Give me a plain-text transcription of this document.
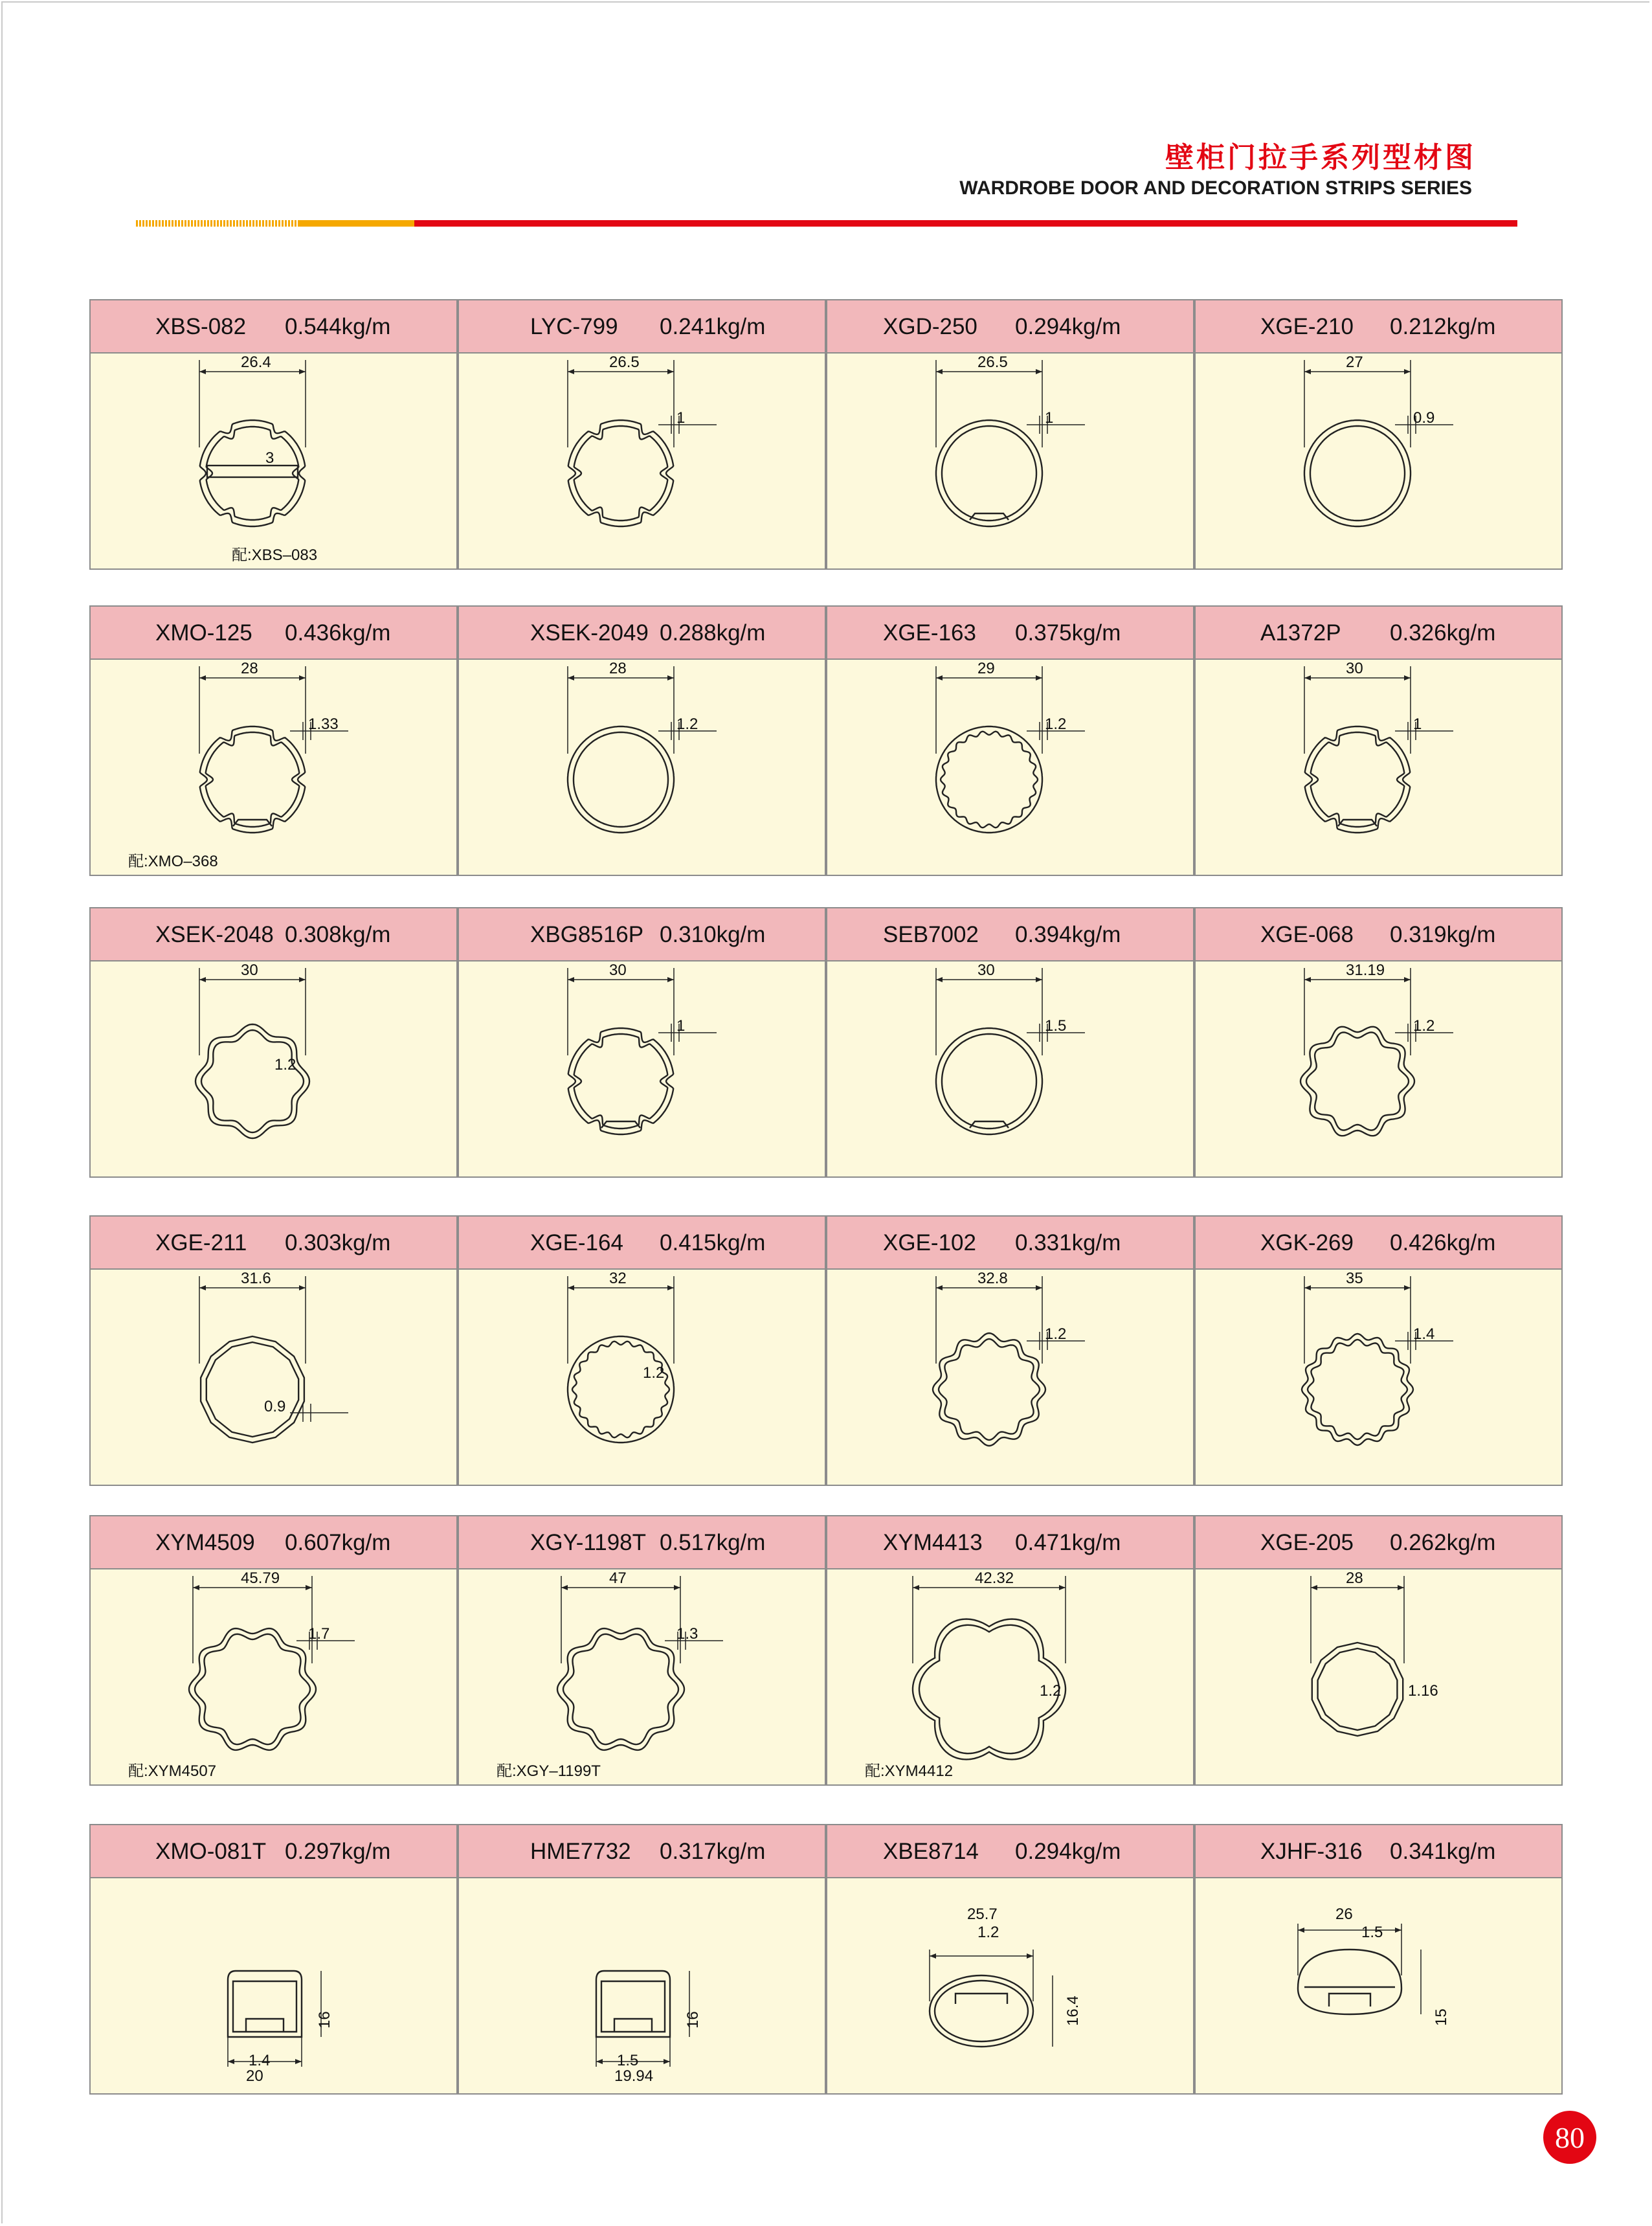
壁柜门拉手系列型材图
WARDROBE DOOR AND DECORATION STRIPS SERIES
XBS-082 0.544kg/m
26.4
3
配:XBS–083
LYC-799 0.241kg/m
26.5
1
XGD-250 0.294kg/m
26.5
1
XGE-210 0.212kg/m
27
0.9
XMO-125 0.436kg/m
28
1.33
配:XMO–368
XSEK-2049 0.288kg/m
28
1.2
XGE-163 0.375kg/m
29
1.2
A1372P 0.326kg/m
30
1
XSEK-2048 0.308kg/m
30
1.2
XBG8516P 0.310kg/m
30
1
SEB7002 0.394kg/m
30
1.5
XGE-068 0.319kg/m
31.19
1.2
XGE-211 0.303kg/m
31.6
0.9
XGE-164 0.415kg/m
32
1.2
XGE-102 0.331kg/m
32.8
1.2
XGK-269 0.426kg/m
35
1.4
XYM4509 0.607kg/m
45.79
1.7
配:XYM4507
XGY-1198T 0.517kg/m
47
1.3
配:XGY–1199T
XYM4413 0.471kg/m
42.32
1.2
配:XYM4412
XGE-205 0.262kg/m
28
1.16
XMO-081T 0.297kg/m
20
1.4
16
HME7732 0.317kg/m
19.94
1.5
16
XBE8714 0.294kg/m
25.7
1.2
16.4
XJHF-316 0.341kg/m
26
1.5
15
80
